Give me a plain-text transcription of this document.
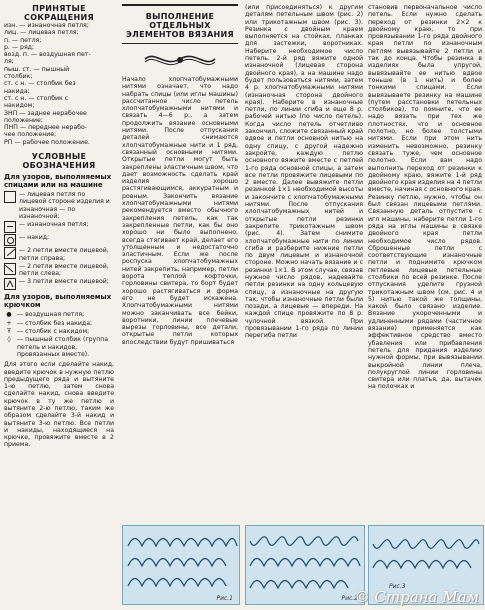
ПРИНЯТЫЕ СОКРАЩЕНИЯ
изн. — изнаночная петля;
лиц. — лицевая петля;
п. — петля;
р. — ряд;
возд. п. — воздушная пет-
ля;
пыш. ст. — пышный
столбик;
ст. с н. — столбик без
накида;
ст. с н. — столбик с
накидом;
ЗНП — заднее нерабочее
положение;
ПНП — переднее нерабо-
чее положение;
РП — рабочее положение.
УСЛОВНЫЕ ОБОЗНАЧЕНИЯ
Для узоров, выполняемых спицами или на машине
— лицевая петля по лицевой стороне изделия и изнаночная — по изнаночной;
— изнаночная петля;
— накид;
— 2 петли вместе лицевой, петли справа;
— 2 петли вместе лицевой, петли слева;
— 3 петли вместе лицевой;
Для узоров, выполняемых крючком
● — воздушная петля;
+ — столбик без накида;
Ŧ — столбик с накидом;
◊	— пышный столбик (группа петель и накидов, провязанных вместе).
Для этого если сделайте накид, введите крючок в нужную петлю предыдущего ряда и вытяните 1-ю петлю, затем снова сделайте накид, снова введите крючок в ту же петлю и вытяните 2-ю петлю, таким же образом сделайте 3-й накид и вытяните 3-ю петлю. Все петли и накиды, находящиеся на крючке, провяжите вместе в 2 приема.
ВЫПОЛНЕНИЕ ОТДЕЛЬНЫХ ЭЛЕМЕНТОВ ВЯЗАНИЯ
Начало хлопчатобумажными нитями означает, что надо набрать спицы (или иглы машины) рассчитанное число петель хлопчатобумажными нитями и связать 4—6 р., а затем продолжить вязание основными нитями. После отпускания деталей снимаются хлопчатобумажные нити и 1 ряд, связанный основными нитями. Открытые петли могут быть закреплены эластичным швом, что дает возможность сделать край изделия хорошо растягивающимся, аккуратным и ровным. Закончить вязание хлопчатобумажными нитями рекомендуется вместо обычного закрепления петель, как так закрепленные петли, как бы оно хорошо ни было выполнено, всегда стягивает край, делает его утолщенным и недостаточно эластичным. Если же после роспуска хлопчатобумажных нитей закрепить, например, петли ворота теплой кофточки, горловины свитера, то борт будет хорошо растягиваться и форма его не будет искажена. Хлопчатобумажными нитями можно заканчивать все бейки, воротники, линии плечевые вырезы горловины, все детали, открытые петли которых впоследствии будут пришиваться
(или присоединяться) к другим деталям петельным швом (рис. 2) или трикотажным швом (рис. 3). Резинка с двойным краем выполняется на стойках, планках для застежки, воротниках. Наберите необходимое число петель. 2-й ряд вяжите одной изнаночной (лицевая сторона двойного края), а на машине надо будет пользоваться нитями, затем 4 р. хлопчатобумажными нитями (изнаночная сторона двойного края). Наберите в изнаночные петли, по линии сгиба и еще 8 р. рабочей нитью (по число петель). Когда число петель отчетливо закончил, сложите связанный край вдвое и петли основной нитью на одну спицу, с другой надежно закройте, каждую петлю основного вяжите вместе с петлей 1-го ряда основной спицы, а затем все петли провяжите лицевыми по 2 вместе. Далее вывяжите петли резинкой 1×1 необходимой высоты и закончите с хлопчатобумажными нитями. После отпускания хлопчатобумажных нитей и открытые петли резинки закрепите трикотажным швом (рис. 4). Затем снимите хлопчатобумажные нити по линии сгиба и разберите нижние петли по двум лицевым и изнаночной стороне. Можно начать вязание и с резинки 1×1. В этом случае, связав нужное число рядов, надевайте петли резинки на одну кольцевую спицу, а изнаночные на другую так, чтобы изнаночные петли были позади, а лицевые — впереди. На каждой спице провяжите по 8 р. чулочной вязкой. При провязывании 1-го ряда по линии перегиба петли
становив первоначальное число петель. Если нужно сделать переход от резинки 2×2 к двойному краю, то при провязывании 1-го ряда двойного края петли по изнаночным петлям вывязывайте 2 петли и так до конца. Чтобы резинка в изделиях была упругой, вывязывайте ее нитью вдвое тоньше (в 1 нить) и более тонкими спицами. Если вывязываете резинку на машине (путем расстановки петельных столбиков), то помните, что ее надо вязать при тех же плотностях, что и основное полотно, но более толстыми нитями. Если при этом нить изменить невозможно, резинку связать туже, чем основное полотно. Если вам надо выполнить переход от резинки к двойному краю, вяжите 1-й ряд двойного края изделия на 4 петли вместе, начиная с основного края. Резинку петлю, нужно, чтобы он был связан лицевыми петлями. Связанную деталь отпустите с игл машины, наберите петли 1-го ряда на иглы машины в связке двойного края петли необходимое число рядов. Сброшенные петли с соответствующие изнаночные петли и поднимите крючком петлевые лицевые петельные столбики по всей резинке. После отпускания уделите грузной трикотажным швом (см. рис. 4 и 5) нитью такой же толщины, какой было связано изделие. Вязание укороченными и удлиненными рядами (частичное вязание) применяется как эффективное средство вместо убавления или прибавления петель для придания изделию нужной формы, при вывязывании выкройной линии плеча, полукруглой линии горловины свитера или платья, да, вытачек на полочках и
Рис.1	Рис.2
Рис.3
© Страна Мам
